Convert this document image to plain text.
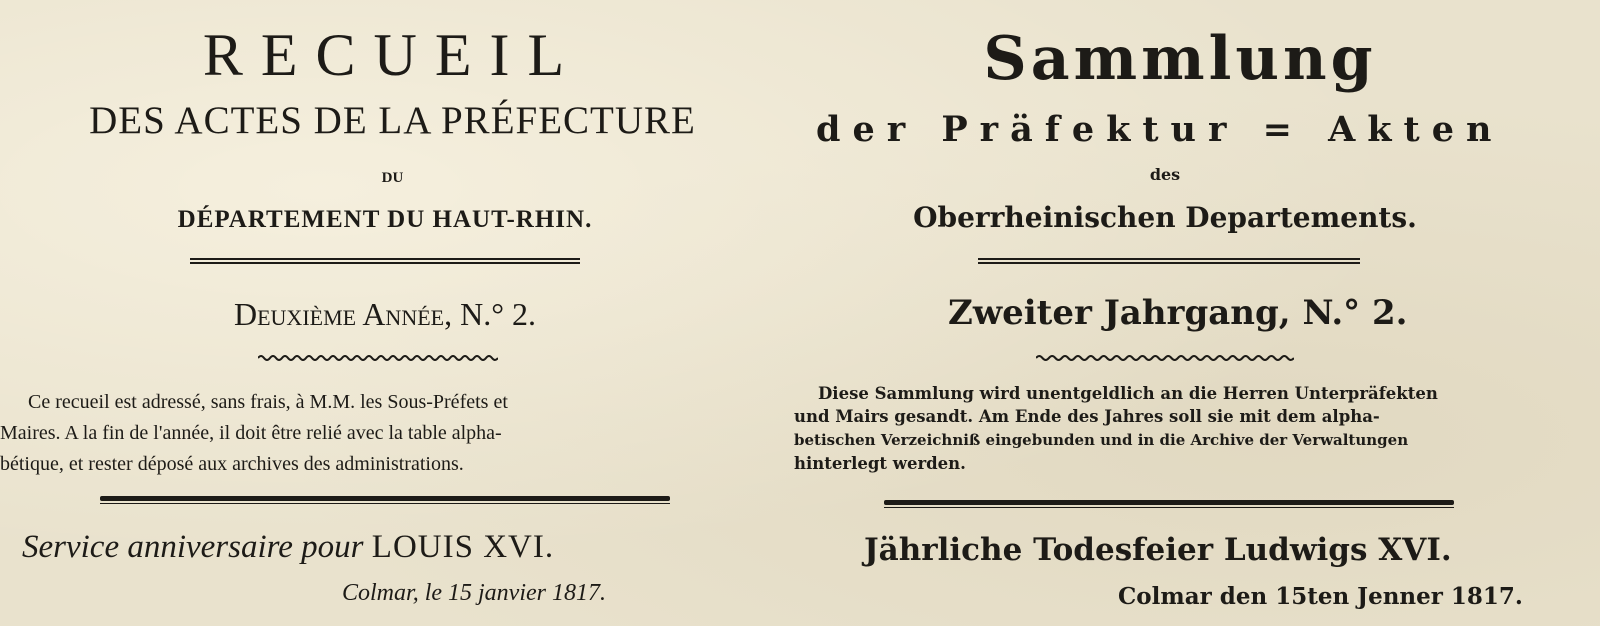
RECUEIL

DES ACTES DE LA PRÉFECTURE

DU

DÉPARTEMENT DU HAUT-RHIN.

Deuxième Année, N.° 2.

Ce recueil est adressé, sans frais, à M.M. les Sous-Préfets et

Maires. A la fin de l'année, il doit être relié avec la table alpha-

bétique, et rester déposé aux archives des administrations.

Service anniversaire pour LOUIS XVI.

Colmar, le 15 janvier 1817.

Sammlung

der Präfektur = Akten

des

Oberrheinischen Departements.

Zweiter Jahrgang, N.° 2.

Diese Sammlung wird unentgeldlich an die Herren Unterpräfekten

und Mairs gesandt. Am Ende des Jahres soll sie mit dem alpha-

betischen Verzeichniß eingebunden und in die Archive der Verwaltungen

hinterlegt werden.

Jährliche Todesfeier Ludwigs XVI.

Colmar den 15ten Jenner 1817.
